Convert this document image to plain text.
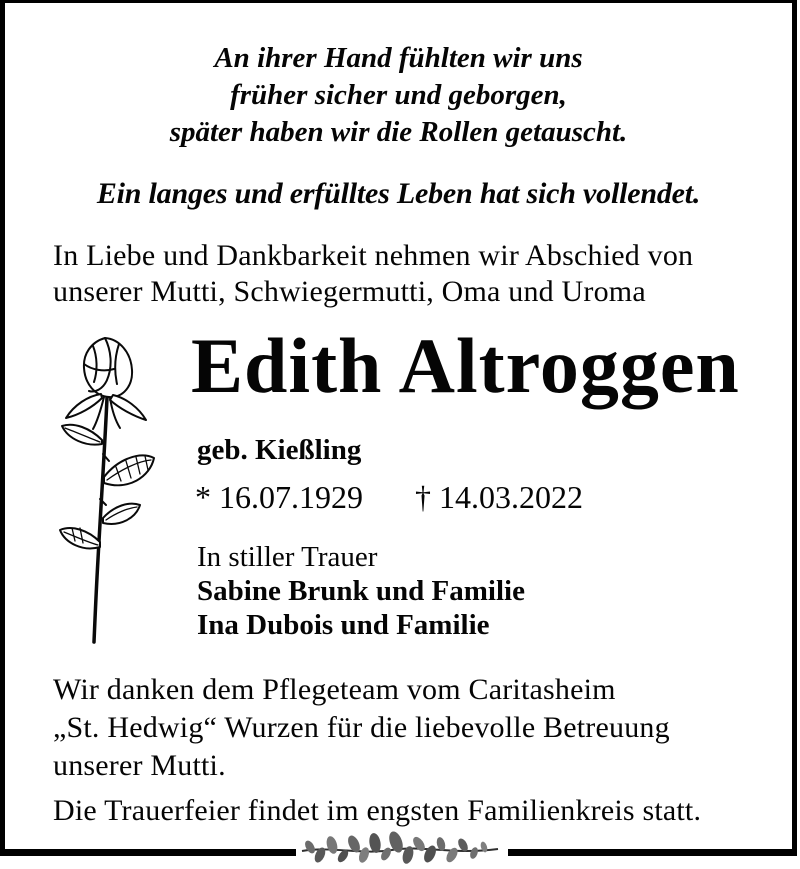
An ihrer Hand fühlten wir uns
früher sicher und geborgen,
später haben wir die Rollen getauscht.
Ein langes und erfülltes Leben hat sich vollendet.
In Liebe und Dankbarkeit nehmen wir Abschied von
unserer Mutti, Schwiegermutti, Oma und Uroma
Edith Altroggen
geb. Kießling
* 16.07.1929 † 14.03.2022
In stiller Trauer
Sabine Brunk und Familie
Ina Dubois und Familie
Wir danken dem Pflegeteam vom Caritasheim
„St. Hedwig“ Wurzen für die liebevolle Betreuung
unserer Mutti.
Die Trauerfeier findet im engsten Familienkreis statt.
